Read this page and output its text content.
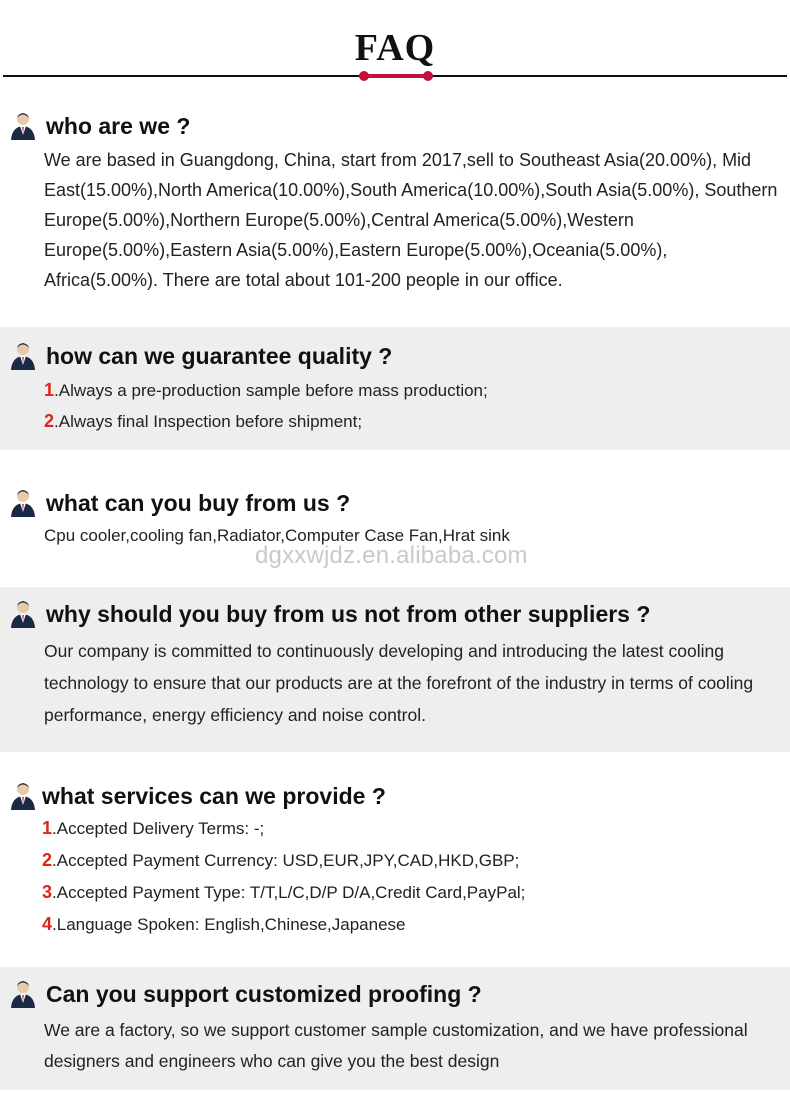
FAQ
who are we ?
We are based in Guangdong, China, start from 2017,sell to Southeast Asia(20.00%), Mid East(15.00%),North America(10.00%),South America(10.00%),South Asia(5.00%), Southern Europe(5.00%),Northern Europe(5.00%),Central America(5.00%),Western Europe(5.00%),Eastern Asia(5.00%),Eastern Europe(5.00%),Oceania(5.00%), Africa(5.00%). There are total about 101-200 people in our office.
how can we guarantee quality ?
1.Always a pre-production sample before mass production;
2.Always final Inspection before shipment;
what can you buy from us ?
Cpu cooler,cooling fan,Radiator,Computer Case Fan,Hrat sink
dgxxwjdz.en.alibaba.com
why should you buy from us not from other suppliers ?
Our company is committed to continuously developing and introducing the latest cooling technology to ensure that our products are at the forefront of the industry in terms of cooling performance, energy efficiency and noise control.
what services can we provide ?
1.Accepted Delivery Terms: -;
2.Accepted Payment Currency: USD,EUR,JPY,CAD,HKD,GBP;
3.Accepted Payment Type: T/T,L/C,D/P D/A,Credit Card,PayPal;
4.Language Spoken: English,Chinese,Japanese
Can you support customized proofing ?
We are a factory, so we support customer sample customization, and we have professional designers and engineers who can give you the best design
